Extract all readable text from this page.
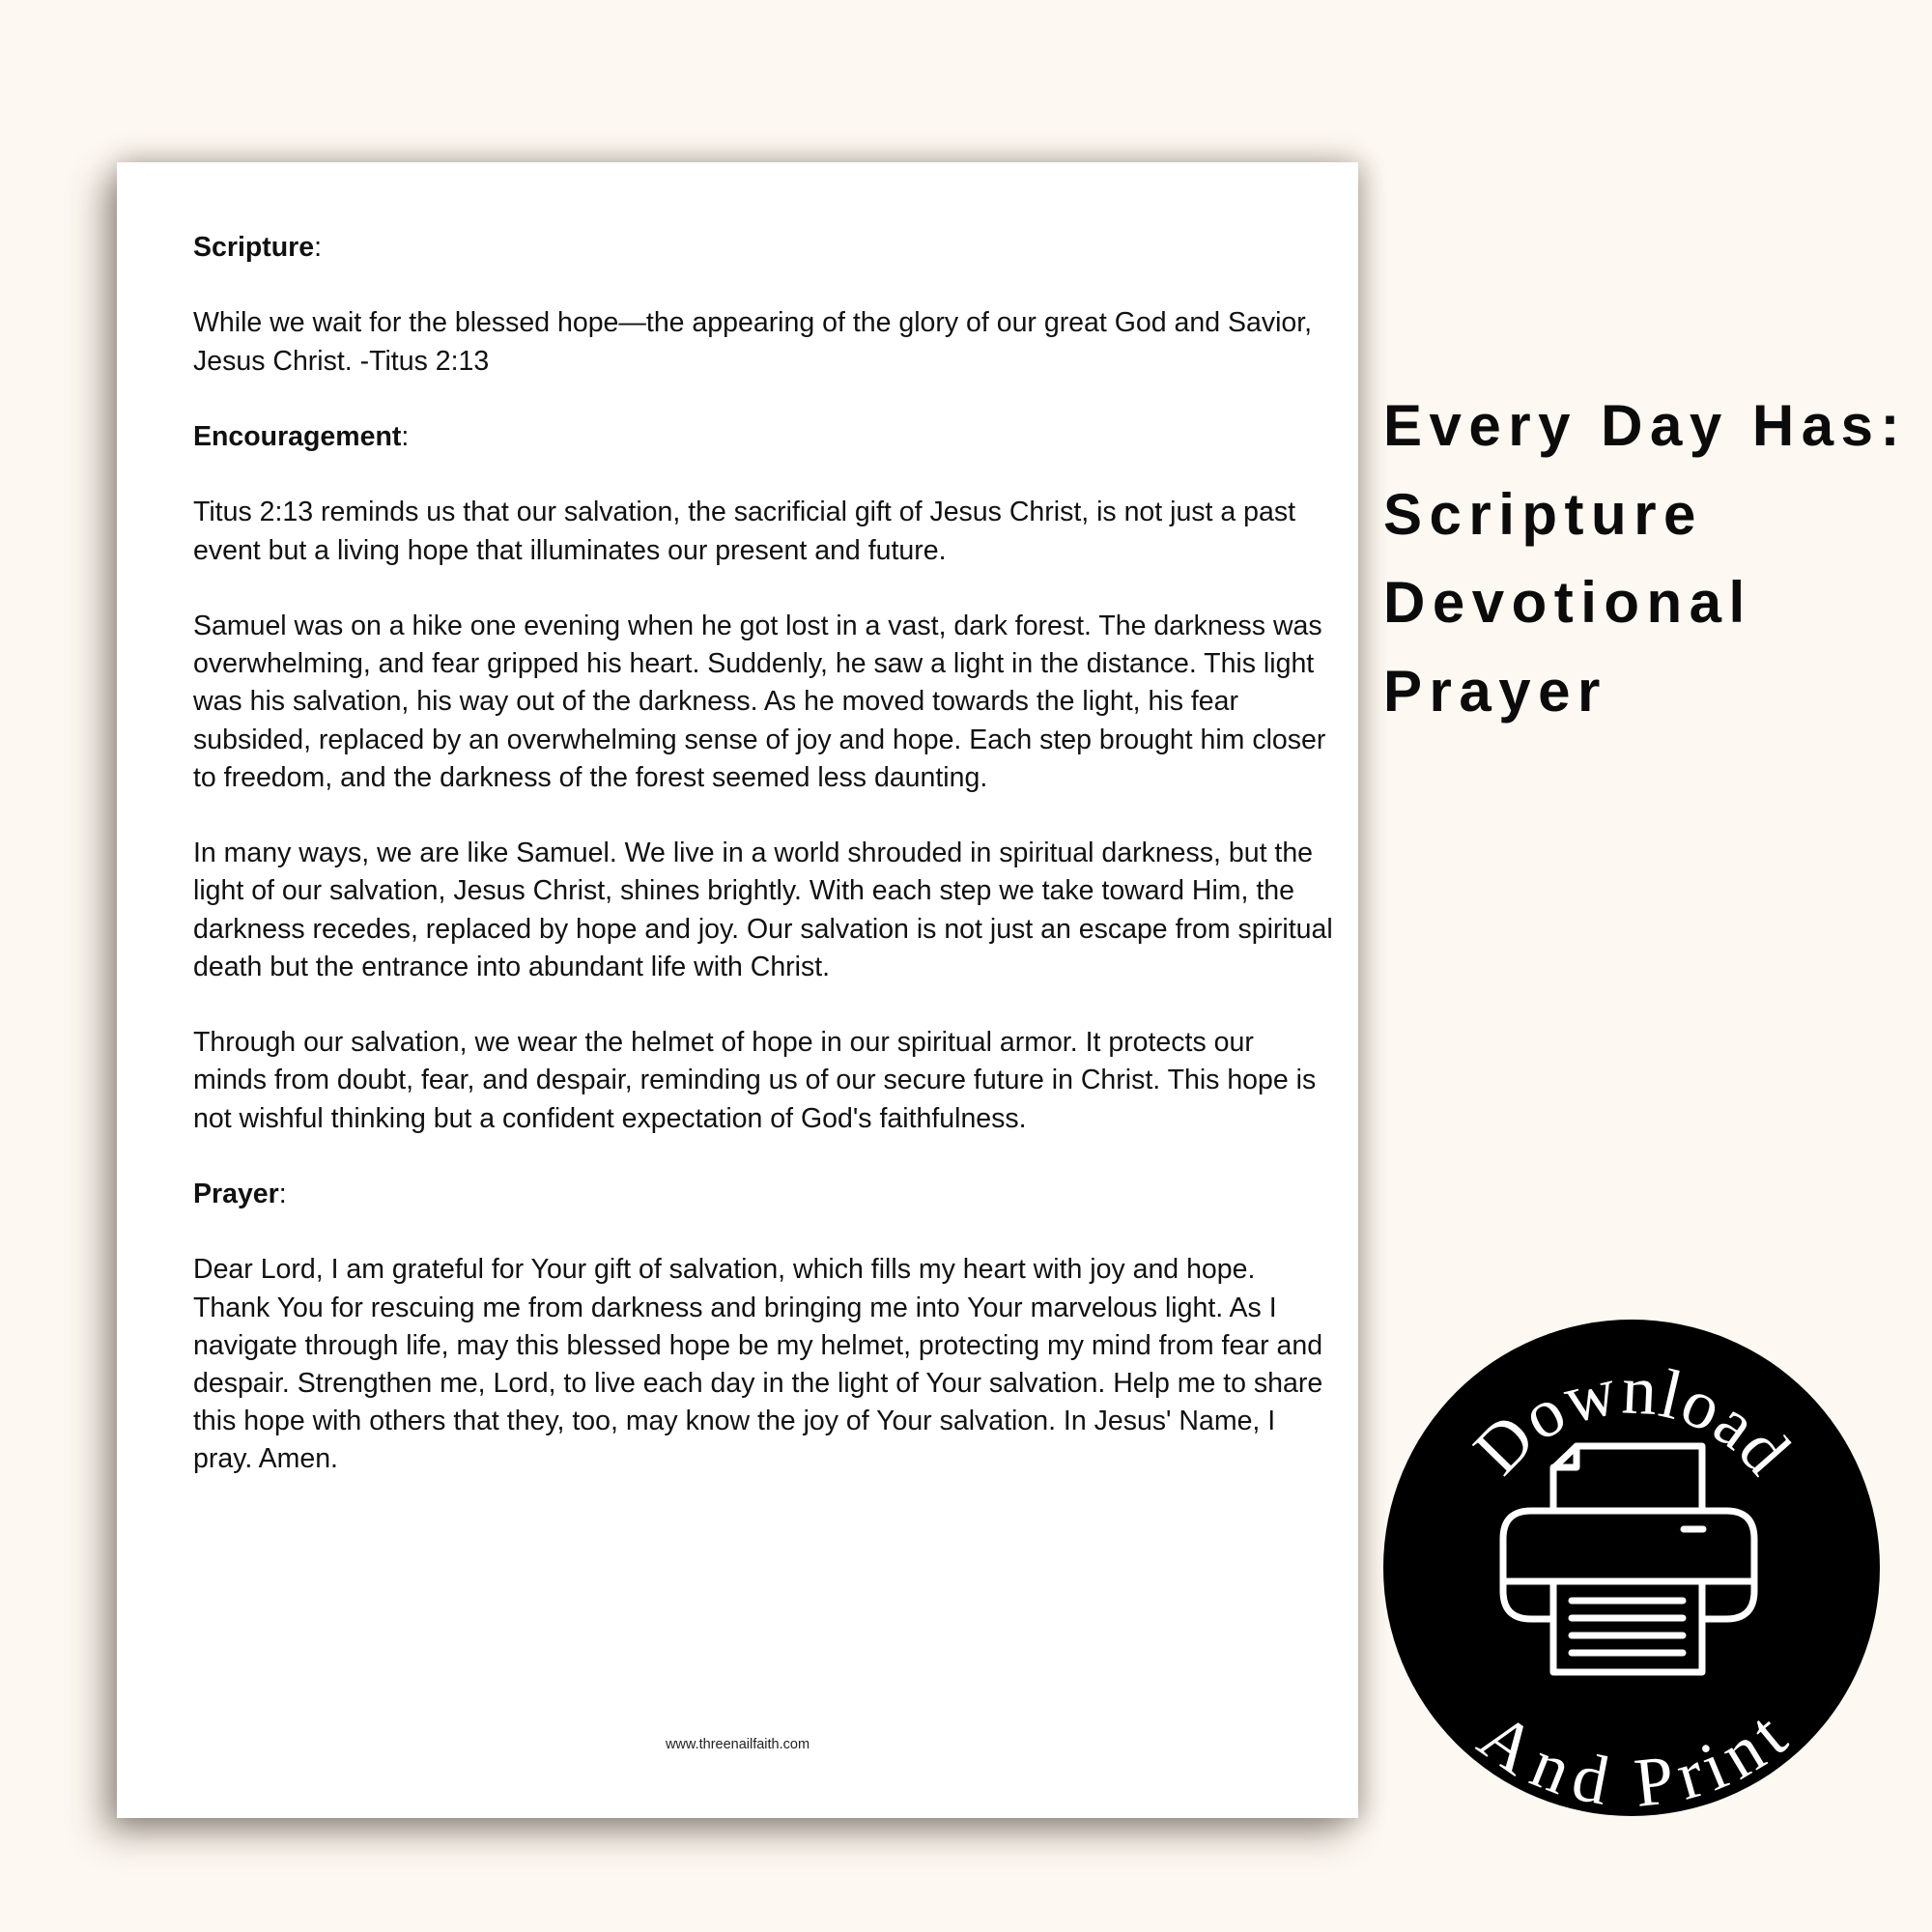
Scripture:

While we wait for the blessed hope—the appearing of the glory of our great God and Savior, Jesus Christ. -Titus 2:13

Encouragement:

Titus 2:13 reminds us that our salvation, the sacrificial gift of Jesus Christ, is not just a past event but a living hope that illuminates our present and future.

Samuel was on a hike one evening when he got lost in a vast, dark forest. The darkness was overwhelming, and fear gripped his heart. Suddenly, he saw a light in the distance. This light was his salvation, his way out of the darkness. As he moved towards the light, his fear subsided, replaced by an overwhelming sense of joy and hope. Each step brought him closer to freedom, and the darkness of the forest seemed less daunting.

In many ways, we are like Samuel. We live in a world shrouded in spiritual darkness, but the light of our salvation, Jesus Christ, shines brightly. With each step we take toward Him, the darkness recedes, replaced by hope and joy. Our salvation is not just an escape from spiritual death but the entrance into abundant life with Christ.

Through our salvation, we wear the helmet of hope in our spiritual armor. It protects our minds from doubt, fear, and despair, reminding us of our secure future in Christ. This hope is not wishful thinking but a confident expectation of God's faithfulness.

Prayer:

Dear Lord, I am grateful for Your gift of salvation, which fills my heart with joy and hope. Thank You for rescuing me from darkness and bringing me into Your marvelous light. As I navigate through life, may this blessed hope be my helmet, protecting my mind from fear and despair. Strengthen me, Lord, to live each day in the light of Your salvation. Help me to share this hope with others that they, too, may know the joy of Your salvation. In Jesus' Name, I pray. Amen.

www.threenailfaith.com
Every Day Has:
Scripture
Devotional
Prayer
Download
And Print
